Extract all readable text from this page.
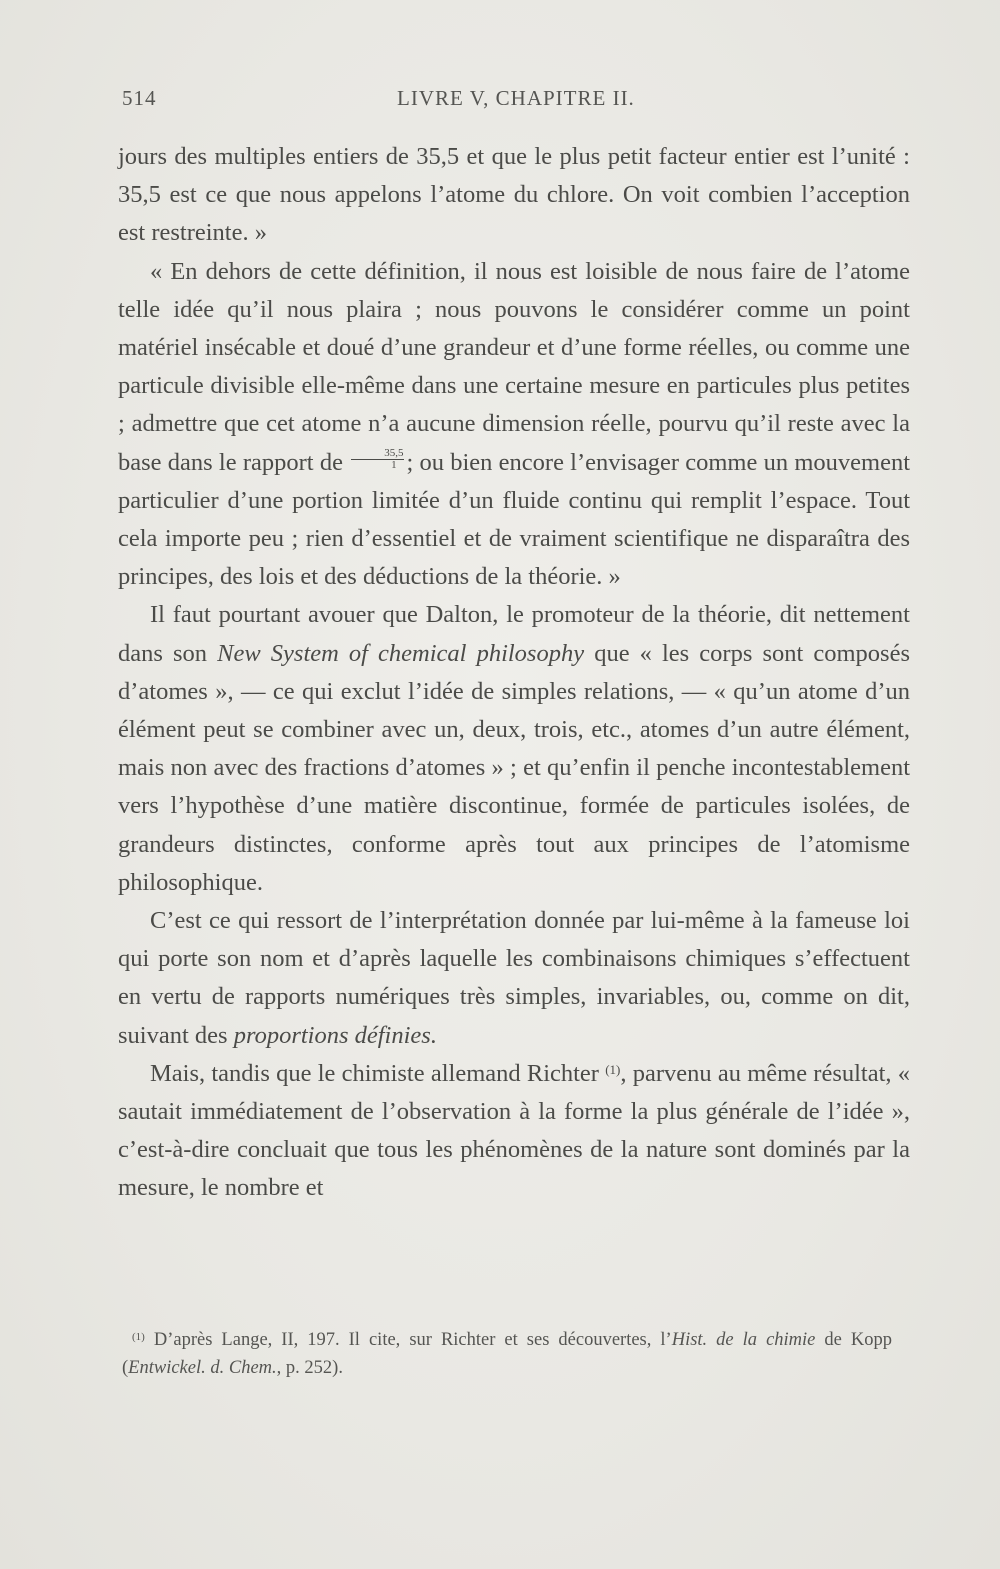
514	LIVRE V, CHAPITRE II.

jours des multiples entiers de 35,5 et que le plus petit facteur entier est l’unité : 35,5 est ce que nous appelons l’atome du chlore. On voit combien l’acception est restreinte. »

« En dehors de cette définition, il nous est loisible de nous faire de l’atome telle idée qu’il nous plaira ; nous pouvons le considérer comme un point matériel insécable et doué d’une grandeur et d’une forme réelles, ou comme une particule divisible elle-même dans une certaine mesure en particules plus petites ; admettre que cet atome n’a aucune dimension réelle, pourvu qu’il reste avec la base dans le rapport de $\frac{35,5}{1}$ ; ou bien encore l’envisager comme un mouvement particulier d’une portion limitée d’un fluide continu qui remplit l’espace. Tout cela importe peu ; rien d’essentiel et de vraiment scientifique ne disparaîtra des principes, des lois et des déductions de la théorie. »

Il faut pourtant avouer que Dalton, le promoteur de la théorie, dit nettement dans son New System of chemical philosophy que « les corps sont composés d’atomes », — ce qui exclut l’idée de simples relations, — « qu’un atome d’un élément peut se combiner avec un, deux, trois, etc., atomes d’un autre élément, mais non avec des fractions d’atomes » ; et qu’enfin il penche incontestablement vers l’hypothèse d’une matière discontinue, formée de particules isolées, de grandeurs distinctes, conforme après tout aux principes de l’atomisme philosophique.

C’est ce qui ressort de l’interprétation donnée par lui-même à la fameuse loi qui porte son nom et d’après laquelle les combinaisons chimiques s’effectuent en vertu de rapports numériques très simples, invariables, ou, comme on dit, suivant des proportions définies.

Mais, tandis que le chimiste allemand Richter $^{(1)}$, parvenu au même résultat, « sautait immédiatement de l’observation à la forme la plus générale de l’idée », c’est-à-dire concluait que tous les phénomènes de la nature sont dominés par la mesure, le nombre et

$^{(1)}$ D’après Lange, II, 197. Il cite, sur Richter et ses découvertes, l’Hist. de la chimie de Kopp (Entwickel. d. Chem., p. 252).
